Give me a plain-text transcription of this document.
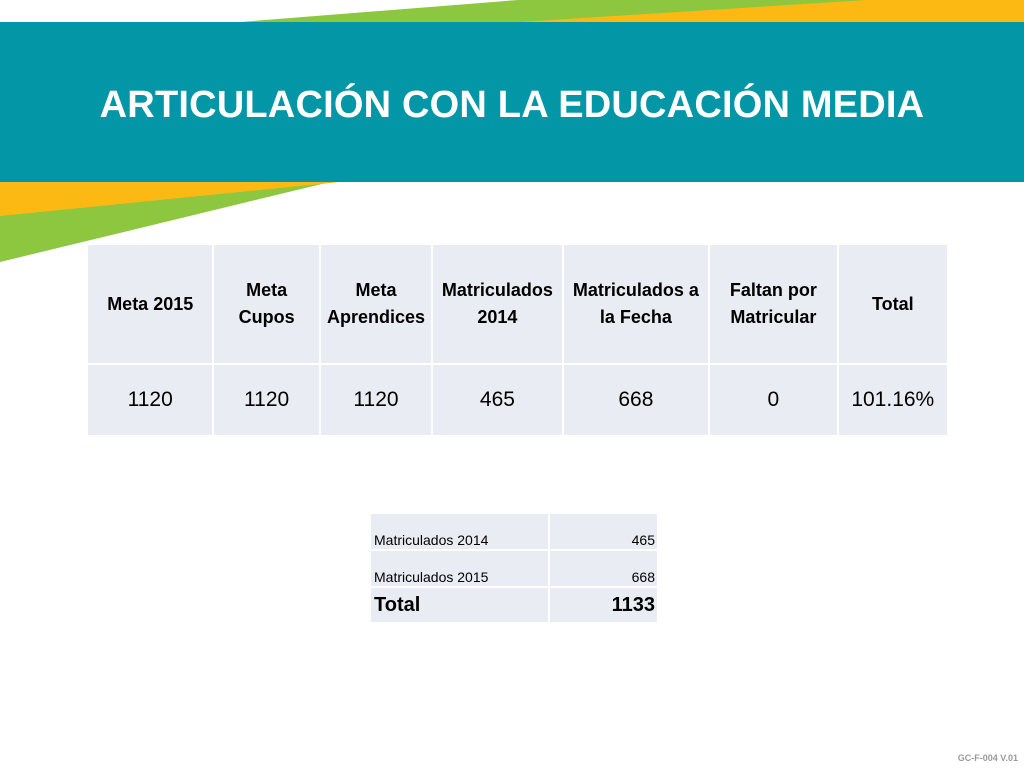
ARTICULACIÓN CON LA EDUCACIÓN MEDIA
Meta 2015	Meta Cupos	Meta Aprendices	Matriculados 2014	Matriculados a la Fecha	Faltan por Matricular	Total
1120	1120	1120	465	668	0	101.16%
Matriculados 2014	465
Matriculados 2015	668
Total	1133
GC-F-004 V.01
